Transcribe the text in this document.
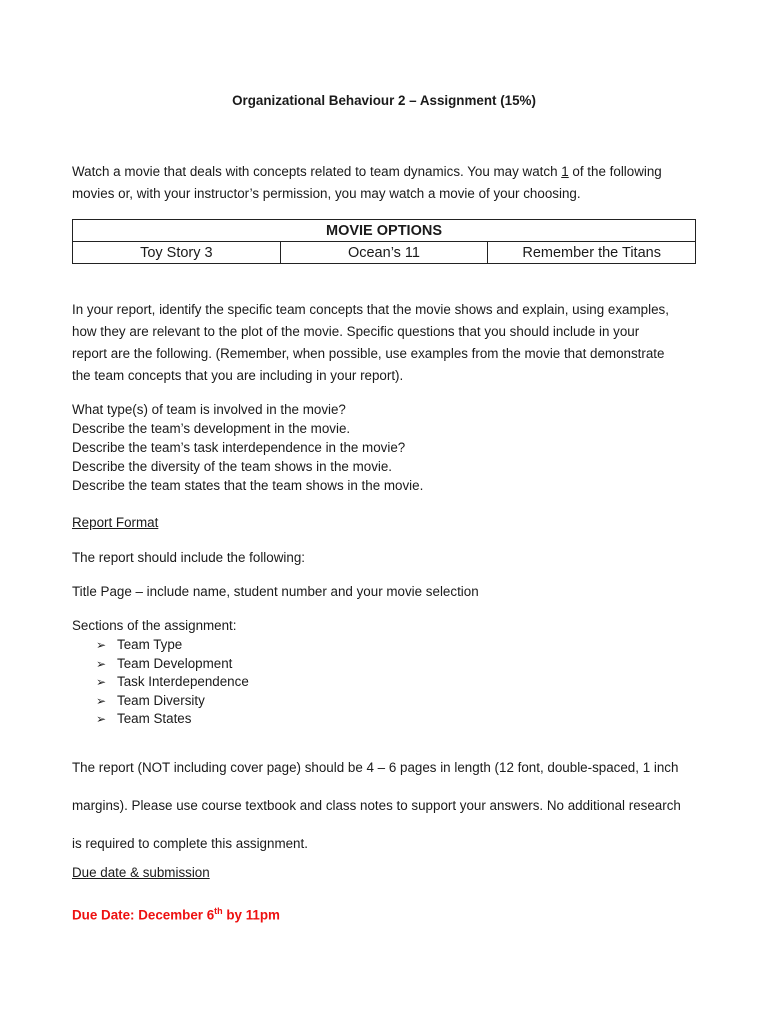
Organizational Behaviour 2 – Assignment (15%)
Watch a movie that deals with concepts related to team dynamics. You may watch 1 of the following
movies or, with your instructor’s permission, you may watch a movie of your choosing.
MOVIE OPTIONS
Toy Story 3	Ocean’s 11	Remember the Titans
In your report, identify the specific team concepts that the movie shows and explain, using examples,
how they are relevant to the plot of the movie. Specific questions that you should include in your
report are the following. (Remember, when possible, use examples from the movie that demonstrate
the team concepts that you are including in your report).
What type(s) of team is involved in the movie?
Describe the team’s development in the movie.
Describe the team’s task interdependence in the movie?
Describe the diversity of the team shows in the movie.
Describe the team states that the team shows in the movie.
Report Format
The report should include the following:
Title Page – include name, student number and your movie selection
Sections of the assignment:
➢ Team Type
➢ Team Development
➢ Task Interdependence
➢ Team Diversity
➢ Team States
The report (NOT including cover page) should be 4 – 6 pages in length (12 font, double-spaced, 1 inch
margins). Please use course textbook and class notes to support your answers. No additional research
is required to complete this assignment.
Due date & submission
Due Date: December 6th by 11pm
